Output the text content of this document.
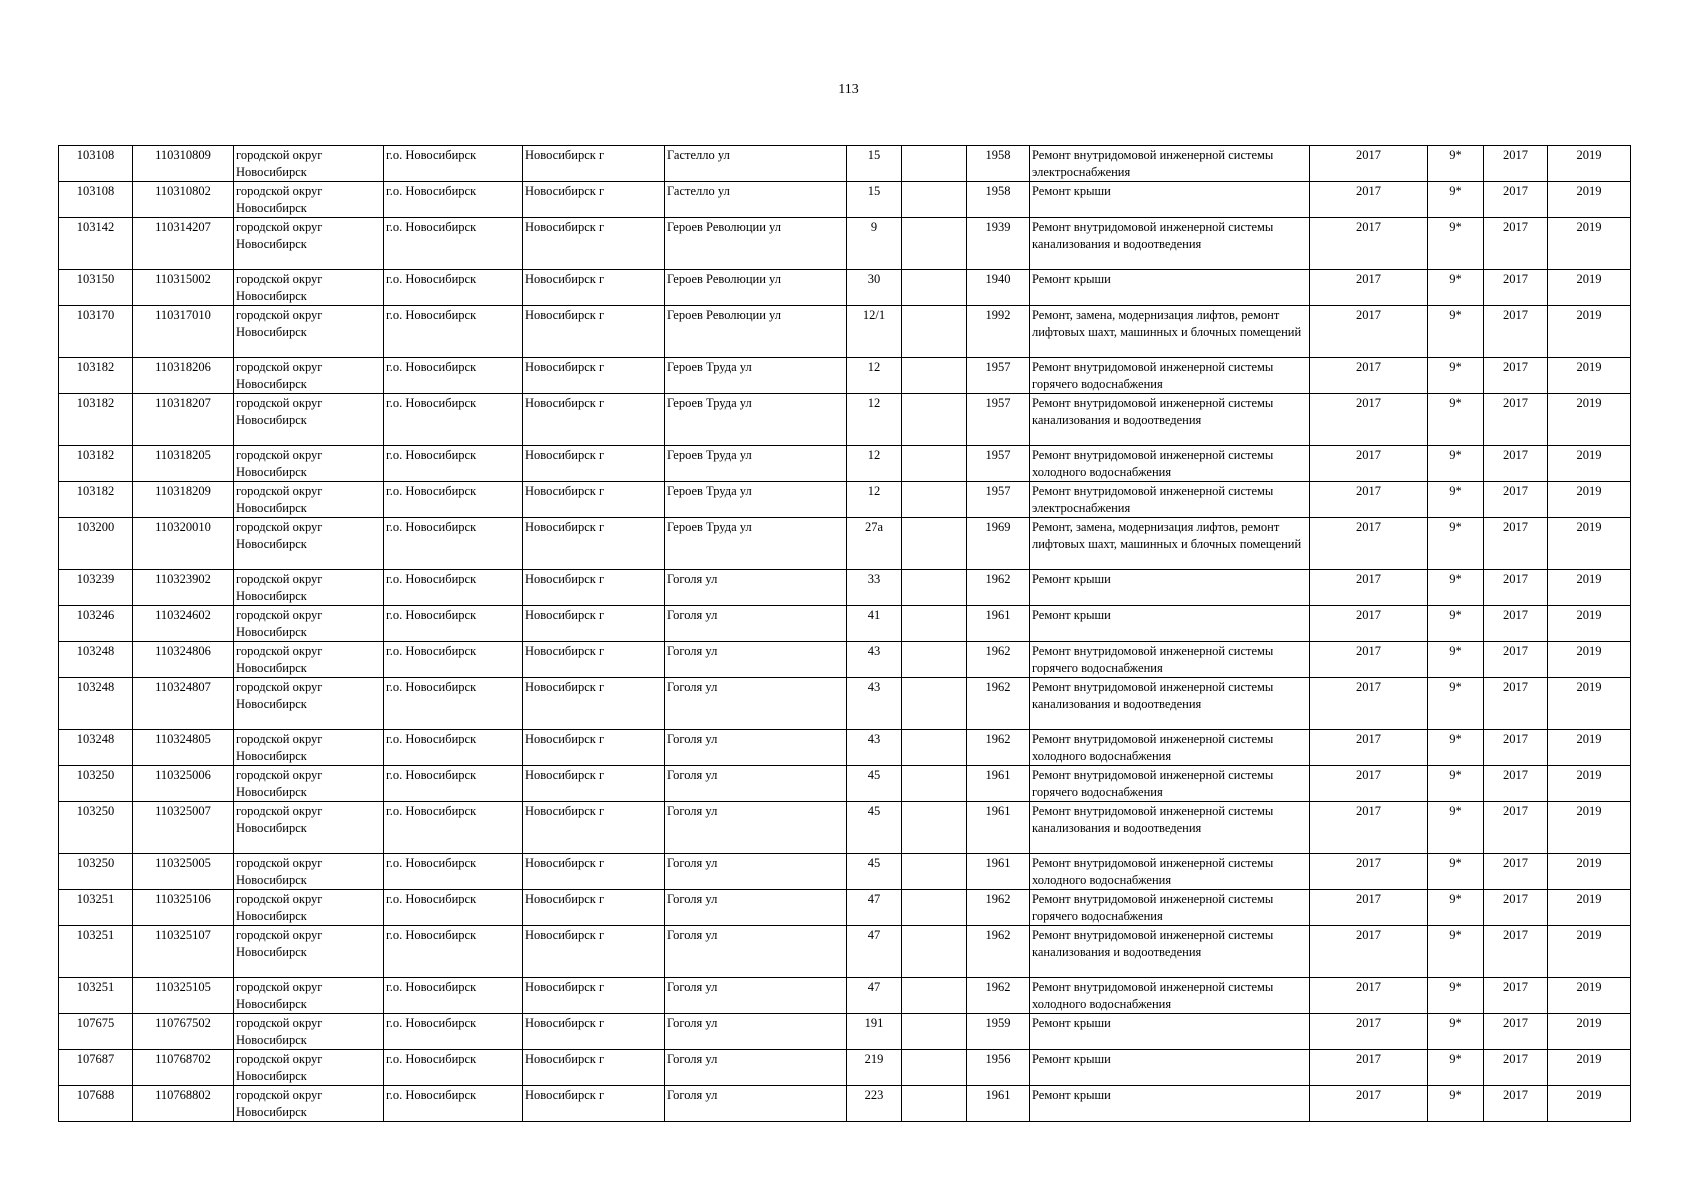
113
103108	110310809	городской округ Новосибирск	г.о. Новосибирск	Новосибирск г	Гастелло ул	15		1958	Ремонт внутридомовой инженерной системы электроснабжения	2017	9*	2017	2019
103108	110310802	городской округ Новосибирск	г.о. Новосибирск	Новосибирск г	Гастелло ул	15		1958	Ремонт крыши	2017	9*	2017	2019
103142	110314207	городской округ Новосибирск	г.о. Новосибирск	Новосибирск г	Героев Революции ул	9		1939	Ремонт внутридомовой инженерной системы канализования и водоотведения	2017	9*	2017	2019
103150	110315002	городской округ Новосибирск	г.о. Новосибирск	Новосибирск г	Героев Революции ул	30		1940	Ремонт крыши	2017	9*	2017	2019
103170	110317010	городской округ Новосибирск	г.о. Новосибирск	Новосибирск г	Героев Революции ул	12/1		1992	Ремонт, замена, модернизация лифтов, ремонт лифтовых шахт, машинных и блочных помещений	2017	9*	2017	2019
103182	110318206	городской округ Новосибирск	г.о. Новосибирск	Новосибирск г	Героев Труда ул	12		1957	Ремонт внутридомовой инженерной системы горячего водоснабжения	2017	9*	2017	2019
103182	110318207	городской округ Новосибирск	г.о. Новосибирск	Новосибирск г	Героев Труда ул	12		1957	Ремонт внутридомовой инженерной системы канализования и водоотведения	2017	9*	2017	2019
103182	110318205	городской округ Новосибирск	г.о. Новосибирск	Новосибирск г	Героев Труда ул	12		1957	Ремонт внутридомовой инженерной системы холодного водоснабжения	2017	9*	2017	2019
103182	110318209	городской округ Новосибирск	г.о. Новосибирск	Новосибирск г	Героев Труда ул	12		1957	Ремонт внутридомовой инженерной системы электроснабжения	2017	9*	2017	2019
103200	110320010	городской округ Новосибирск	г.о. Новосибирск	Новосибирск г	Героев Труда ул	27а		1969	Ремонт, замена, модернизация лифтов, ремонт лифтовых шахт, машинных и блочных помещений	2017	9*	2017	2019
103239	110323902	городской округ Новосибирск	г.о. Новосибирск	Новосибирск г	Гоголя ул	33		1962	Ремонт крыши	2017	9*	2017	2019
103246	110324602	городской округ Новосибирск	г.о. Новосибирск	Новосибирск г	Гоголя ул	41		1961	Ремонт крыши	2017	9*	2017	2019
103248	110324806	городской округ Новосибирск	г.о. Новосибирск	Новосибирск г	Гоголя ул	43		1962	Ремонт внутридомовой инженерной системы горячего водоснабжения	2017	9*	2017	2019
103248	110324807	городской округ Новосибирск	г.о. Новосибирск	Новосибирск г	Гоголя ул	43		1962	Ремонт внутридомовой инженерной системы канализования и водоотведения	2017	9*	2017	2019
103248	110324805	городской округ Новосибирск	г.о. Новосибирск	Новосибирск г	Гоголя ул	43		1962	Ремонт внутридомовой инженерной системы холодного водоснабжения	2017	9*	2017	2019
103250	110325006	городской округ Новосибирск	г.о. Новосибирск	Новосибирск г	Гоголя ул	45		1961	Ремонт внутридомовой инженерной системы горячего водоснабжения	2017	9*	2017	2019
103250	110325007	городской округ Новосибирск	г.о. Новосибирск	Новосибирск г	Гоголя ул	45		1961	Ремонт внутридомовой инженерной системы канализования и водоотведения	2017	9*	2017	2019
103250	110325005	городской округ Новосибирск	г.о. Новосибирск	Новосибирск г	Гоголя ул	45		1961	Ремонт внутридомовой инженерной системы холодного водоснабжения	2017	9*	2017	2019
103251	110325106	городской округ Новосибирск	г.о. Новосибирск	Новосибирск г	Гоголя ул	47		1962	Ремонт внутридомовой инженерной системы горячего водоснабжения	2017	9*	2017	2019
103251	110325107	городской округ Новосибирск	г.о. Новосибирск	Новосибирск г	Гоголя ул	47		1962	Ремонт внутридомовой инженерной системы канализования и водоотведения	2017	9*	2017	2019
103251	110325105	городской округ Новосибирск	г.о. Новосибирск	Новосибирск г	Гоголя ул	47		1962	Ремонт внутридомовой инженерной системы холодного водоснабжения	2017	9*	2017	2019
107675	110767502	городской округ Новосибирск	г.о. Новосибирск	Новосибирск г	Гоголя ул	191		1959	Ремонт крыши	2017	9*	2017	2019
107687	110768702	городской округ Новосибирск	г.о. Новосибирск	Новосибирск г	Гоголя ул	219		1956	Ремонт крыши	2017	9*	2017	2019
107688	110768802	городской округ Новосибирск	г.о. Новосибирск	Новосибирск г	Гоголя ул	223		1961	Ремонт крыши	2017	9*	2017	2019
